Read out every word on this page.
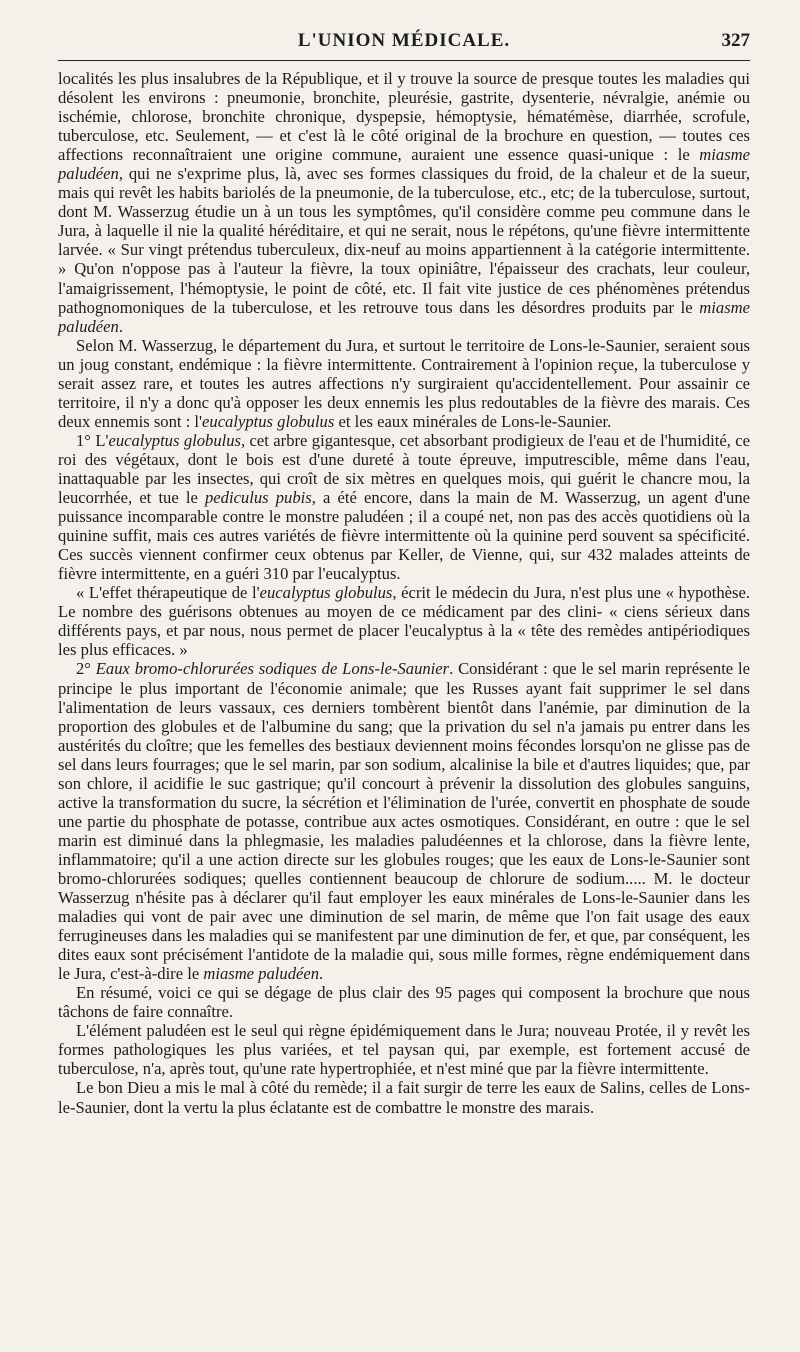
L'UNION MÉDICALE.	327

localités les plus insalubres de la République, et il y trouve la source de presque toutes les maladies qui désolent les environs : pneumonie, bronchite, pleurésie, gastrite, dysenterie, névralgie, anémie ou ischémie, chlorose, bronchite chronique, dyspepsie, hémoptysie, hématémèse, diarrhée, scrofule, tuberculose, etc. Seulement, — et c'est là le côté original de la brochure en question, — toutes ces affections reconnaîtraient une origine commune, auraient une essence quasi-unique : le miasme paludéen, qui ne s'exprime plus, là, avec ses formes classiques du froid, de la chaleur et de la sueur, mais qui revêt les habits bariolés de la pneumonie, de la tuberculose, etc., etc; de la tuberculose, surtout, dont M. Wasserzug étudie un à un tous les symptômes, qu'il considère comme peu commune dans le Jura, à laquelle il nie la qualité héréditaire, et qui ne serait, nous le répétons, qu'une fièvre intermittente larvée. « Sur vingt prétendus tuberculeux, dix-neuf au moins appartiennent à la catégorie intermittente. » Qu'on n'oppose pas à l'auteur la fièvre, la toux opiniâtre, l'épaisseur des crachats, leur couleur, l'amaigrissement, l'hémoptysie, le point de côté, etc. Il fait vite justice de ces phénomènes prétendus pathognomoniques de la tuberculose, et les retrouve tous dans les désordres produits par le miasme paludéen.

Selon M. Wasserzug, le département du Jura, et surtout le territoire de Lons-le-Saunier, seraient sous un joug constant, endémique : la fièvre intermittente. Contrairement à l'opinion reçue, la tuberculose y serait assez rare, et toutes les autres affections n'y surgiraient qu'accidentellement. Pour assainir ce territoire, il n'y a donc qu'à opposer les deux ennemis les plus redoutables de la fièvre des marais. Ces deux ennemis sont : l'eucalyptus globulus et les eaux minérales de Lons-le-Saunier.

1° L'eucalyptus globulus, cet arbre gigantesque, cet absorbant prodigieux de l'eau et de l'humidité, ce roi des végétaux, dont le bois est d'une dureté à toute épreuve, imputrescible, même dans l'eau, inattaquable par les insectes, qui croît de six mètres en quelques mois, qui guérit le chancre mou, la leucorrhée, et tue le pediculus pubis, a été encore, dans la main de M. Wasserzug, un agent d'une puissance incomparable contre le monstre paludéen ; il a coupé net, non pas des accès quotidiens où la quinine suffit, mais ces autres variétés de fièvre intermittente où la quinine perd souvent sa spécificité. Ces succès viennent confirmer ceux obtenus par Keller, de Vienne, qui, sur 432 malades atteints de fièvre intermittente, en a guéri 310 par l'eucalyptus.

« L'effet thérapeutique de l'eucalyptus globulus, écrit le médecin du Jura, n'est plus une « hypothèse. Le nombre des guérisons obtenues au moyen de ce médicament par des clini- « ciens sérieux dans différents pays, et par nous, nous permet de placer l'eucalyptus à la « tête des remèdes antipériodiques les plus efficaces. »

2° Eaux bromo-chlorurées sodiques de Lons-le-Saunier. Considérant : que le sel marin représente le principe le plus important de l'économie animale; que les Russes ayant fait supprimer le sel dans l'alimentation de leurs vassaux, ces derniers tombèrent bientôt dans l'anémie, par diminution de la proportion des globules et de l'albumine du sang; que la privation du sel n'a jamais pu entrer dans les austérités du cloître; que les femelles des bestiaux deviennent moins fécondes lorsqu'on ne glisse pas de sel dans leurs fourrages; que le sel marin, par son sodium, alcalinise la bile et d'autres liquides; que, par son chlore, il acidifie le suc gastrique; qu'il concourt à prévenir la dissolution des globules sanguins, active la transformation du sucre, la sécrétion et l'élimination de l'urée, convertit en phosphate de soude une partie du phosphate de potasse, contribue aux actes osmotiques. Considérant, en outre : que le sel marin est diminué dans la phlegmasie, les maladies paludéennes et la chlorose, dans la fièvre lente, inflammatoire; qu'il a une action directe sur les globules rouges; que les eaux de Lons-le-Saunier sont bromo-chlorurées sodiques; quelles contiennent beaucoup de chlorure de sodium..... M. le docteur Wasserzug n'hésite pas à déclarer qu'il faut employer les eaux minérales de Lons-le-Saunier dans les maladies qui vont de pair avec une diminution de sel marin, de même que l'on fait usage des eaux ferrugineuses dans les maladies qui se manifestent par une diminution de fer, et que, par conséquent, les dites eaux sont précisément l'antidote de la maladie qui, sous mille formes, règne endémiquement dans le Jura, c'est-à-dire le miasme paludéen.

En résumé, voici ce qui se dégage de plus clair des 95 pages qui composent la brochure que nous tâchons de faire connaître.

L'élément paludéen est le seul qui règne épidémiquement dans le Jura; nouveau Protée, il y revêt les formes pathologiques les plus variées, et tel paysan qui, par exemple, est fortement accusé de tuberculose, n'a, après tout, qu'une rate hypertrophiée, et n'est miné que par la fièvre intermittente.

Le bon Dieu a mis le mal à côté du remède; il a fait surgir de terre les eaux de Salins, celles de Lons-le-Saunier, dont la vertu la plus éclatante est de combattre le monstre des marais.
